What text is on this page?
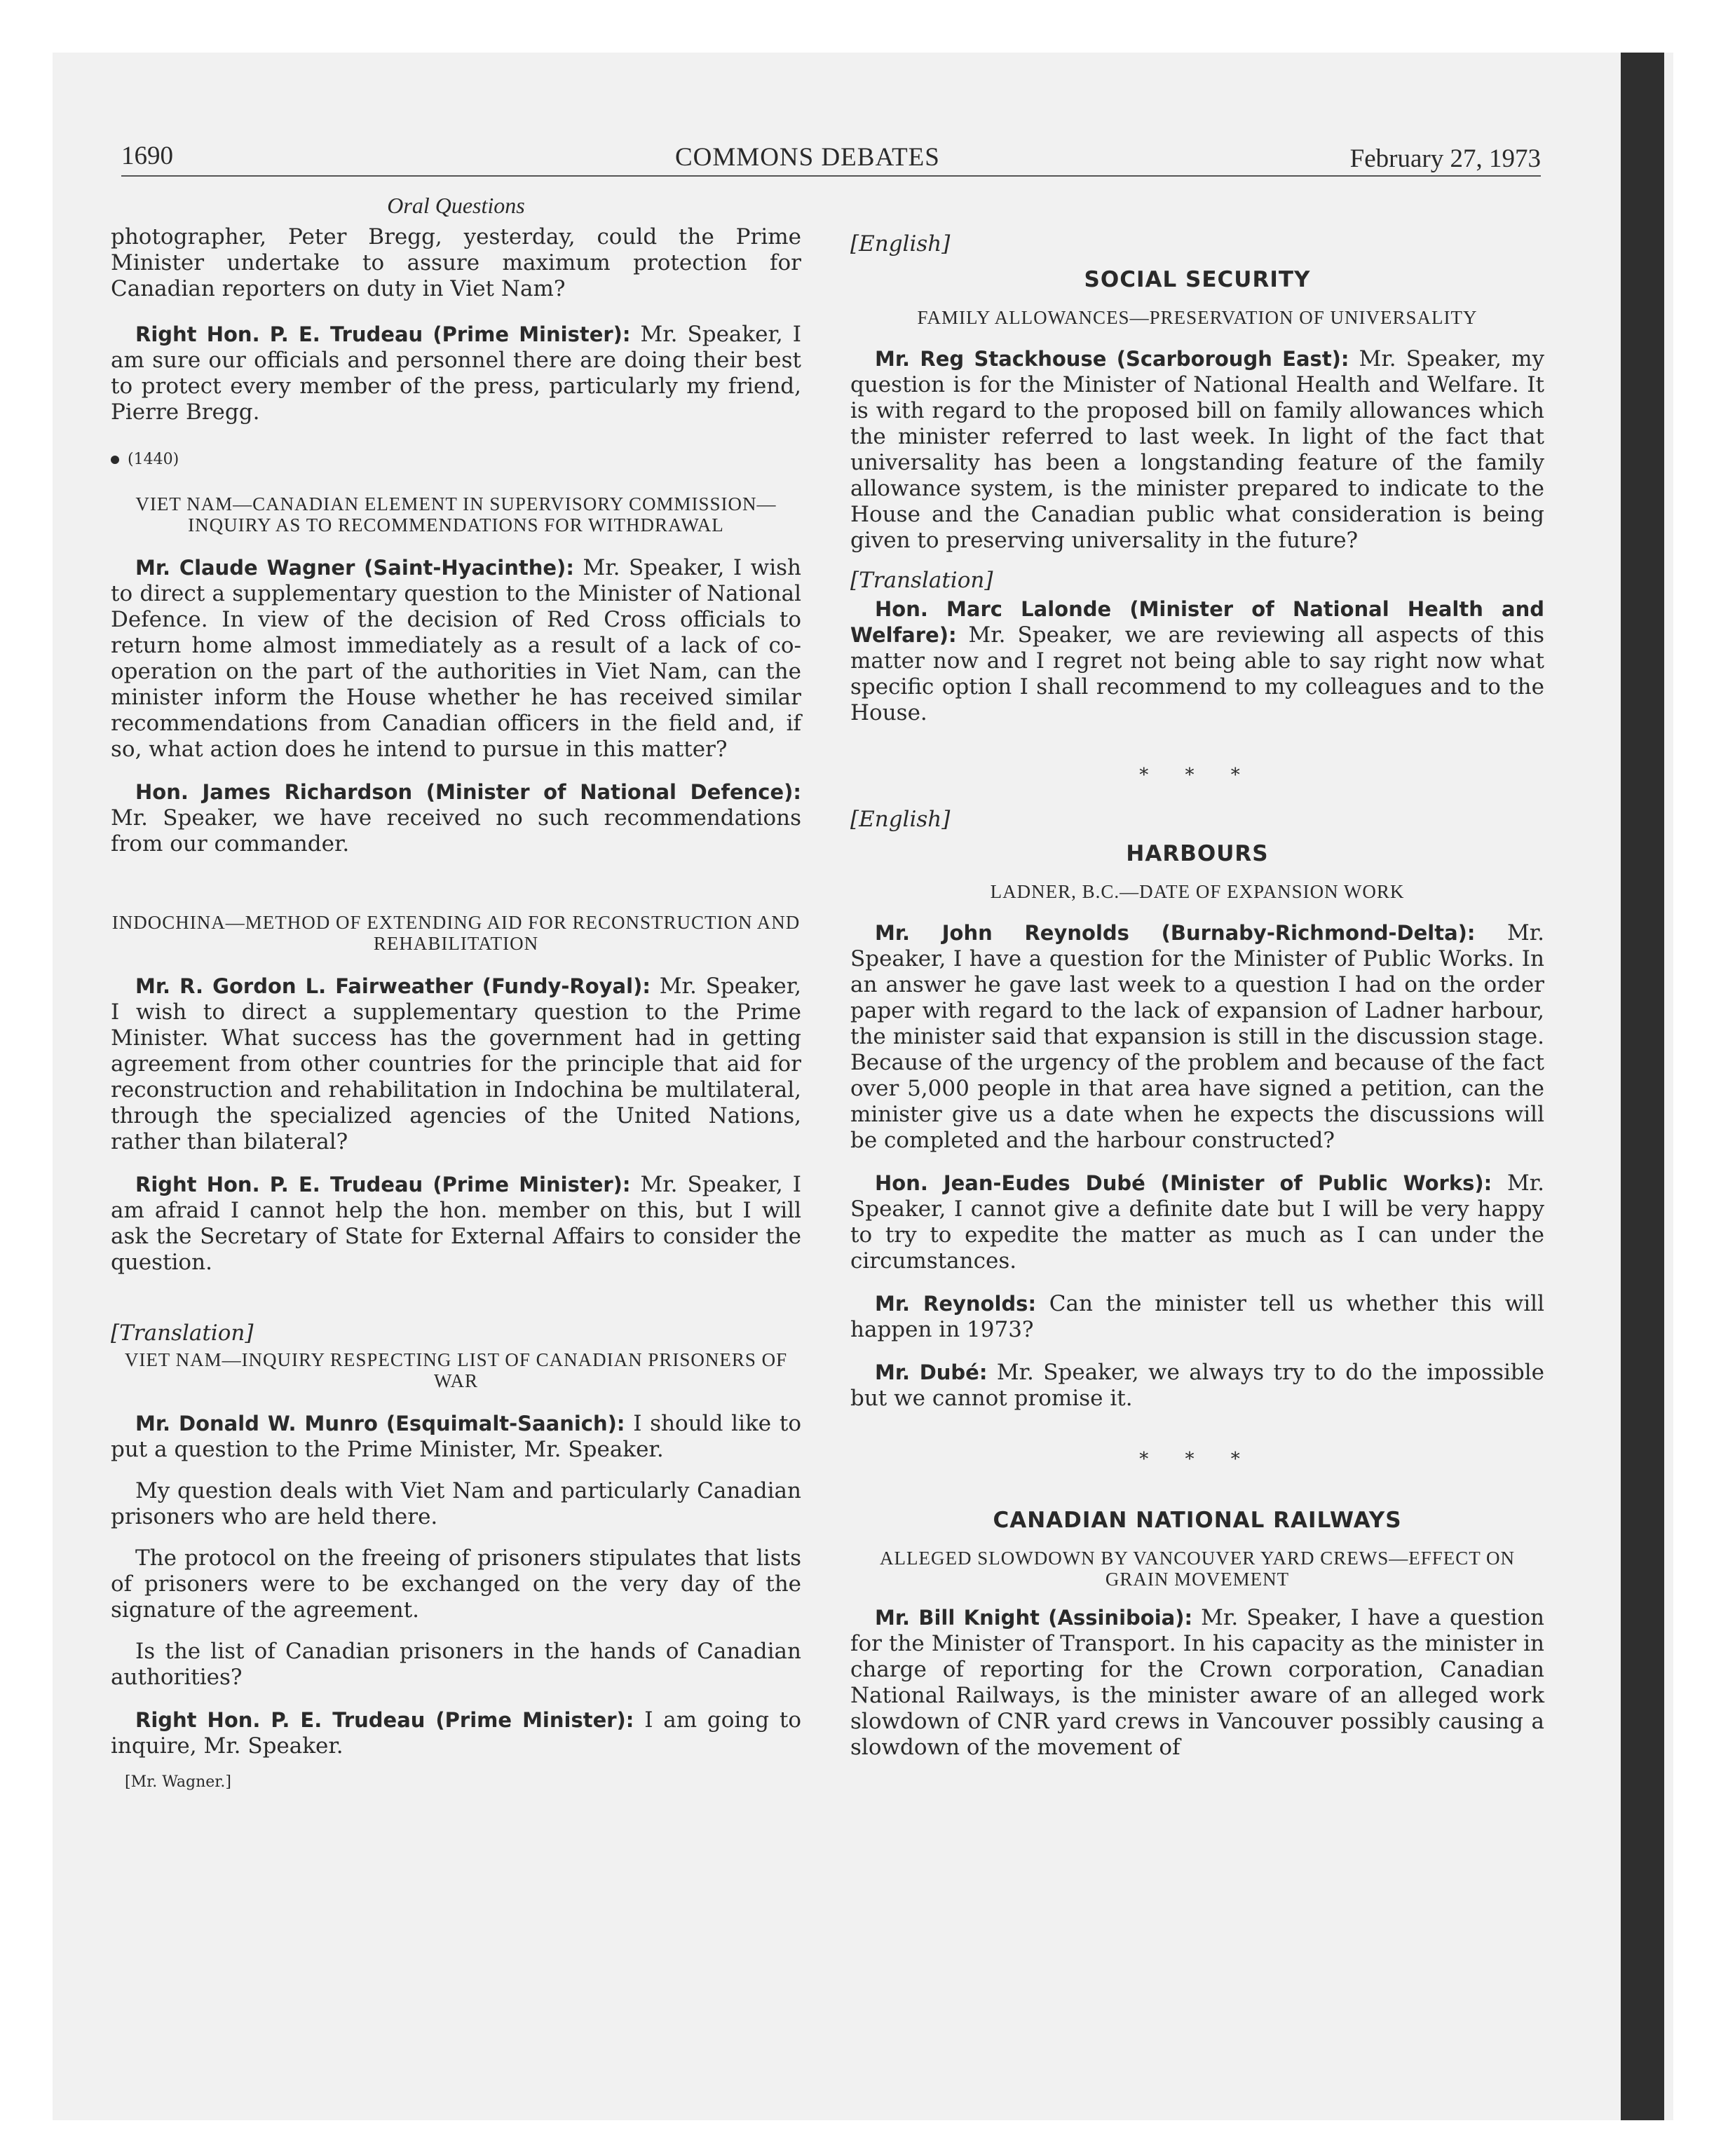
1690	COMMONS DEBATES	February 27, 1973
Oral Questions

photographer, Peter Bregg, yesterday, could the Prime Minister undertake to assure maximum protection for Canadian reporters on duty in Viet Nam?

Right Hon. P. E. Trudeau (Prime Minister): Mr. Speaker, I am sure our officials and personnel there are doing their best to protect every member of the press, particularly my friend, Pierre Bregg.

(1440)

VIET NAM—CANADIAN ELEMENT IN SUPERVISORY COMMISSION—INQUIRY AS TO RECOMMENDATIONS FOR WITHDRAWAL

Mr. Claude Wagner (Saint-Hyacinthe): Mr. Speaker, I wish to direct a supplementary question to the Minister of National Defence. In view of the decision of Red Cross officials to return home almost immediately as a result of a lack of co-operation on the part of the authorities in Viet Nam, can the minister inform the House whether he has received similar recommendations from Canadian officers in the field and, if so, what action does he intend to pursue in this matter?

Hon. James Richardson (Minister of National Defence): Mr. Speaker, we have received no such recommendations from our commander.

INDOCHINA—METHOD OF EXTENDING AID FOR RECONSTRUCTION AND REHABILITATION

Mr. R. Gordon L. Fairweather (Fundy-Royal): Mr. Speaker, I wish to direct a supplementary question to the Prime Minister. What success has the government had in getting agreement from other countries for the principle that aid for reconstruction and rehabilitation in Indochina be multilateral, through the specialized agencies of the United Nations, rather than bilateral?

Right Hon. P. E. Trudeau (Prime Minister): Mr. Speaker, I am afraid I cannot help the hon. member on this, but I will ask the Secretary of State for External Affairs to consider the question.

[Translation]

VIET NAM—INQUIRY RESPECTING LIST OF CANADIAN PRISONERS OF WAR

Mr. Donald W. Munro (Esquimalt-Saanich): I should like to put a question to the Prime Minister, Mr. Speaker.

My question deals with Viet Nam and particularly Canadian prisoners who are held there.

The protocol on the freeing of prisoners stipulates that lists of prisoners were to be exchanged on the very day of the signature of the agreement.

Is the list of Canadian prisoners in the hands of Canadian authorities?

Right Hon. P. E. Trudeau (Prime Minister): I am going to inquire, Mr. Speaker.

[Mr. Wagner.]

[English]

SOCIAL SECURITY

FAMILY ALLOWANCES—PRESERVATION OF UNIVERSALITY

Mr. Reg Stackhouse (Scarborough East): Mr. Speaker, my question is for the Minister of National Health and Welfare. It is with regard to the proposed bill on family allowances which the minister referred to last week. In light of the fact that universality has been a longstanding feature of the family allowance system, is the minister prepared to indicate to the House and the Canadian public what consideration is being given to preserving universality in the future?

[Translation]

Hon. Marc Lalonde (Minister of National Health and Welfare): Mr. Speaker, we are reviewing all aspects of this matter now and I regret not being able to say right now what specific option I shall recommend to my colleagues and to the House.

* * *

[English]

HARBOURS

LADNER, B.C.—DATE OF EXPANSION WORK

Mr. John Reynolds (Burnaby-Richmond-Delta): Mr. Speaker, I have a question for the Minister of Public Works. In an answer he gave last week to a question I had on the order paper with regard to the lack of expansion of Ladner harbour, the minister said that expansion is still in the discussion stage. Because of the urgency of the problem and because of the fact over 5,000 people in that area have signed a petition, can the minister give us a date when he expects the discussions will be completed and the harbour constructed?

Hon. Jean-Eudes Dubé (Minister of Public Works): Mr. Speaker, I cannot give a definite date but I will be very happy to try to expedite the matter as much as I can under the circumstances.

Mr. Reynolds: Can the minister tell us whether this will happen in 1973?

Mr. Dubé: Mr. Speaker, we always try to do the impossible but we cannot promise it.

* * *

CANADIAN NATIONAL RAILWAYS

ALLEGED SLOWDOWN BY VANCOUVER YARD CREWS—EFFECT ON GRAIN MOVEMENT

Mr. Bill Knight (Assiniboia): Mr. Speaker, I have a question for the Minister of Transport. In his capacity as the minister in charge of reporting for the Crown corporation, Canadian National Railways, is the minister aware of an alleged work slowdown of CNR yard crews in Vancouver possibly causing a slowdown of the movement of
